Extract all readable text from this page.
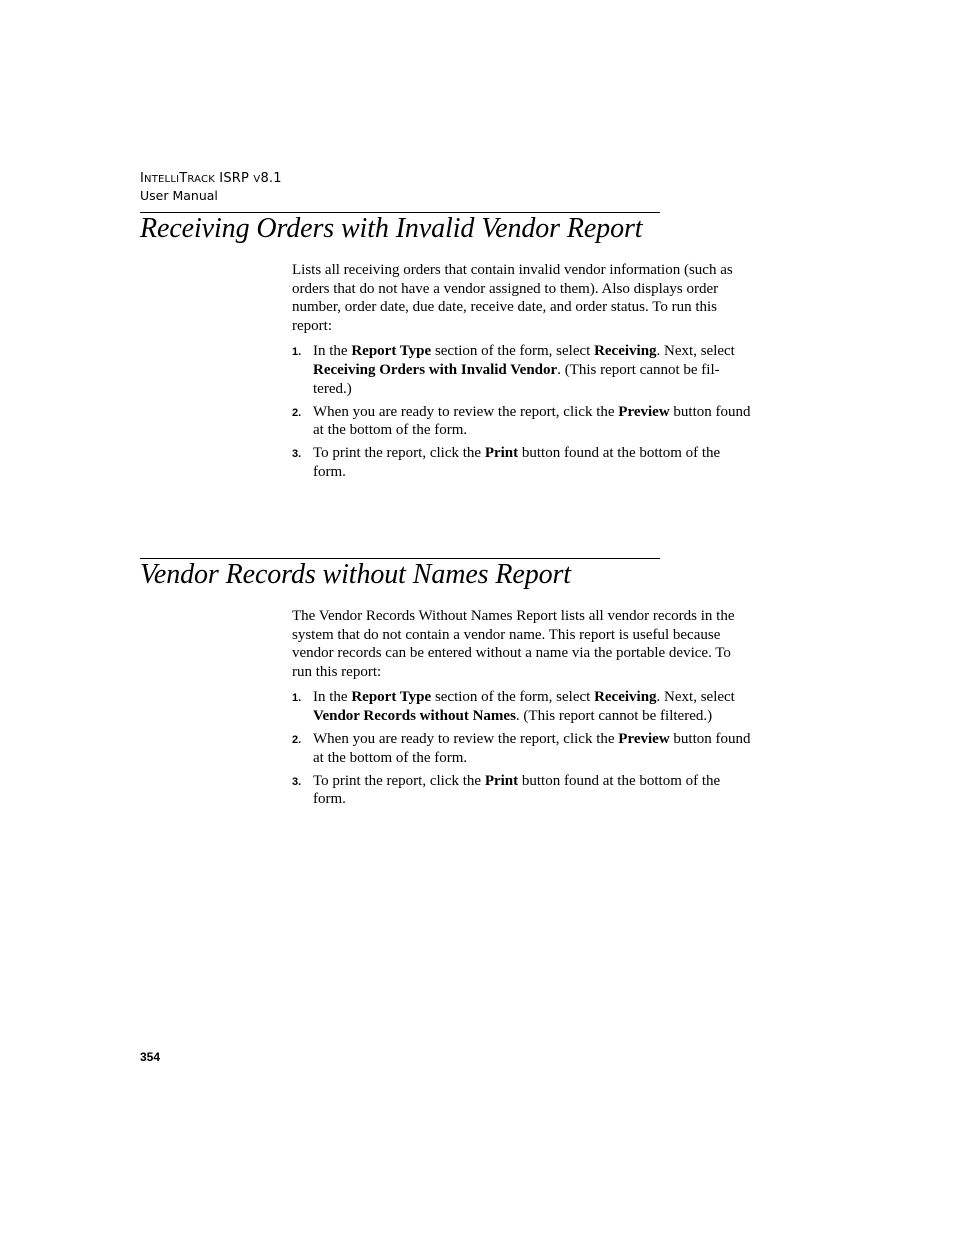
INTELLITRACK ISRP V8.1
User Manual
Receiving Orders with Invalid Vendor Report

Lists all receiving orders that contain invalid vendor information (such as orders that do not have a vendor assigned to them). Also displays order number, order date, due date, receive date, and order status. To run this report:

1. In the Report Type section of the form, select Receiving. Next, select Receiving Orders with Invalid Vendor. (This report cannot be fil-tered.)
2. When you are ready to review the report, click the Preview button found at the bottom of the form.
3. To print the report, click the Print button found at the bottom of the form.
Vendor Records without Names Report

The Vendor Records Without Names Report lists all vendor records in the system that do not contain a vendor name. This report is useful because vendor records can be entered without a name via the portable device. To run this report:

1. In the Report Type section of the form, select Receiving. Next, select Vendor Records without Names. (This report cannot be filtered.)
2. When you are ready to review the report, click the Preview button found at the bottom of the form.
3. To print the report, click the Print button found at the bottom of the form.
354
